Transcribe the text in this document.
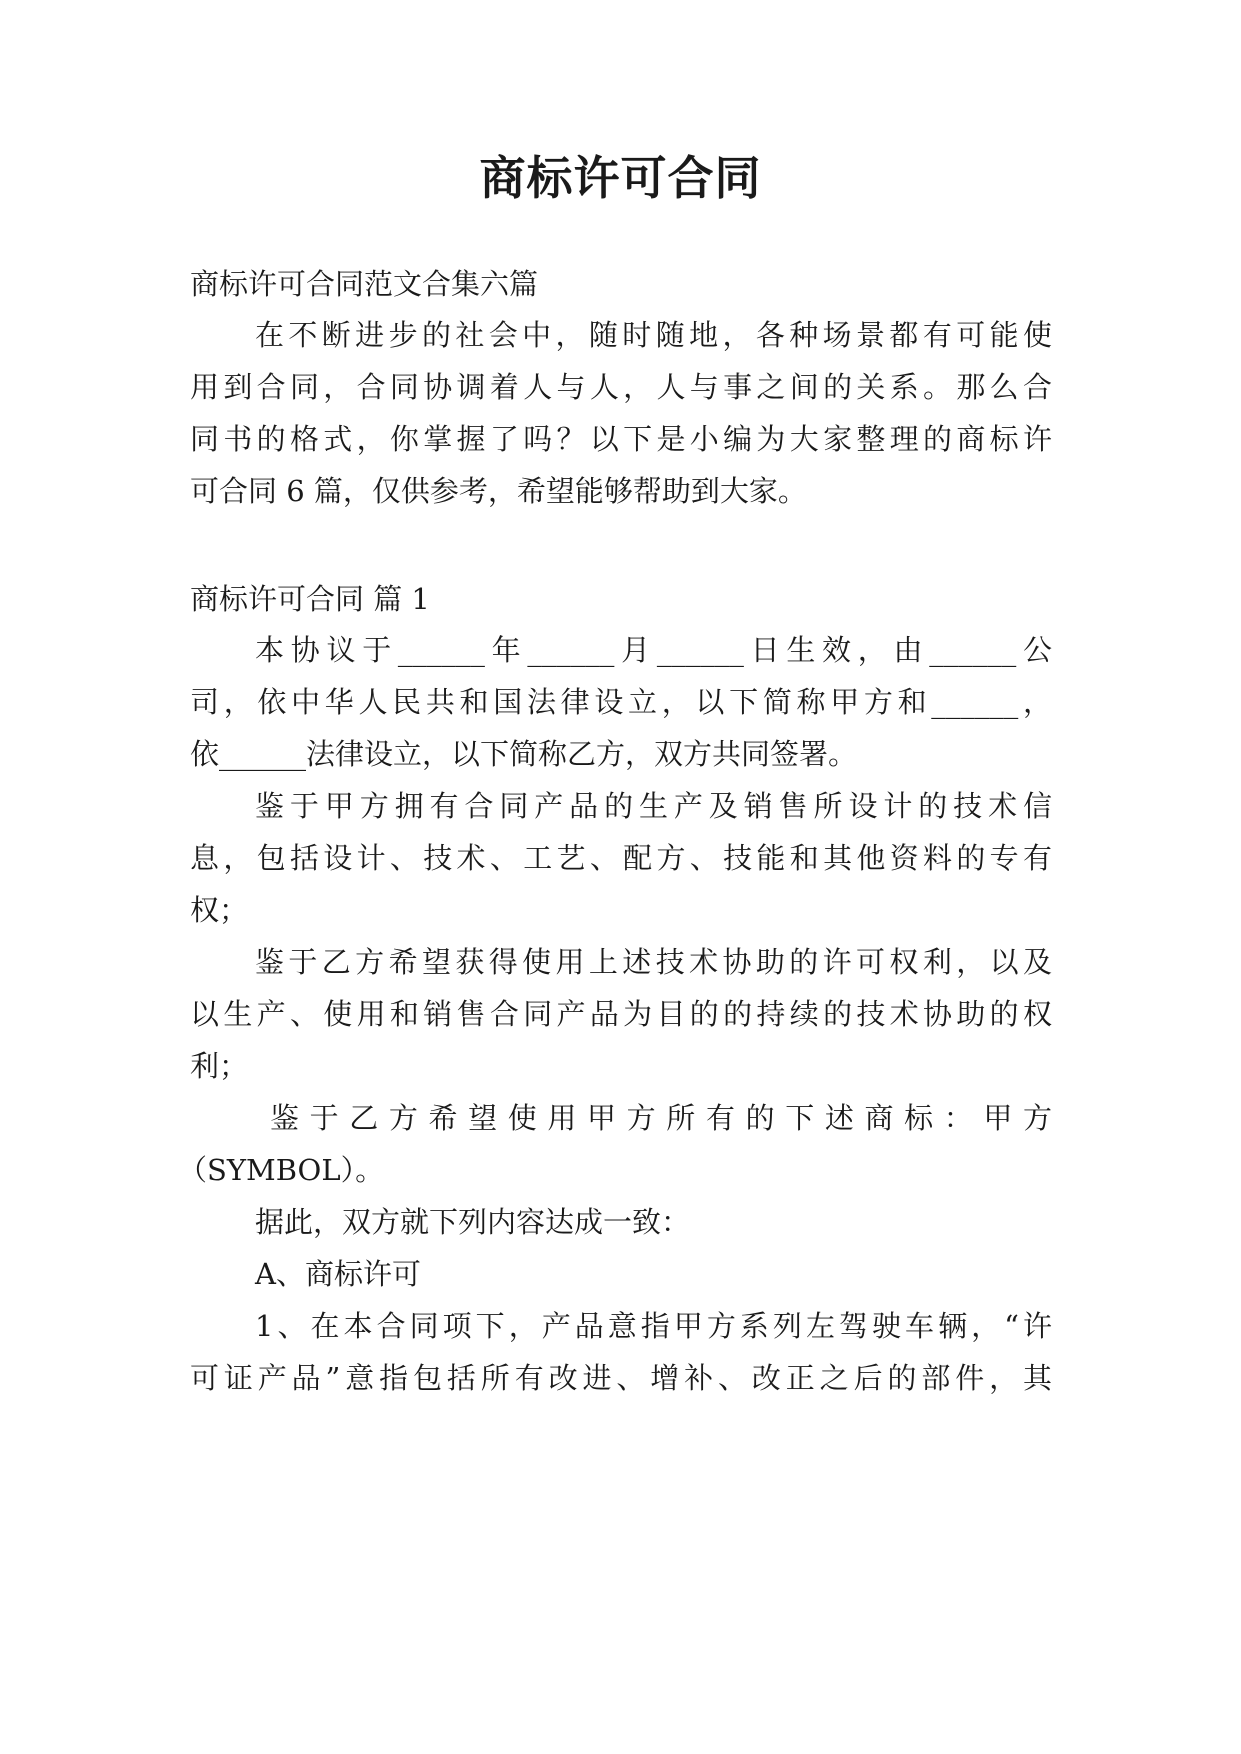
商标许可合同

商标许可合同范文合集六篇

在不断进步的社会中，随时随地，各种场景都有可能使

用到合同，合同协调着人与人，人与事之间的关系。那么合

同书的格式，你掌握了吗？以下是小编为大家整理的商标许

可合同 6 篇，仅供参考，希望能够帮助到大家。

商标许可合同 篇 1

本协议于______年______月______日生效，由______公

司，依中华人民共和国法律设立，以下简称甲方和______，

依______法律设立，以下简称乙方，双方共同签署。

鉴于甲方拥有合同产品的生产及销售所设计的技术信

息，包括设计、技术、工艺、配方、技能和其他资料的专有

权；

鉴于乙方希望获得使用上述技术协助的许可权利，以及

以生产、使用和销售合同产品为目的的持续的技术协助的权

利；

鉴于乙方希望使用甲方所有的下述商标：甲方

（SYMBOL）。

据此，双方就下列内容达成一致：

A、商标许可

1、在本合同项下，产品意指甲方系列左驾驶车辆，“许

可证产品”意指包括所有改进、增补、改正之后的部件，其
